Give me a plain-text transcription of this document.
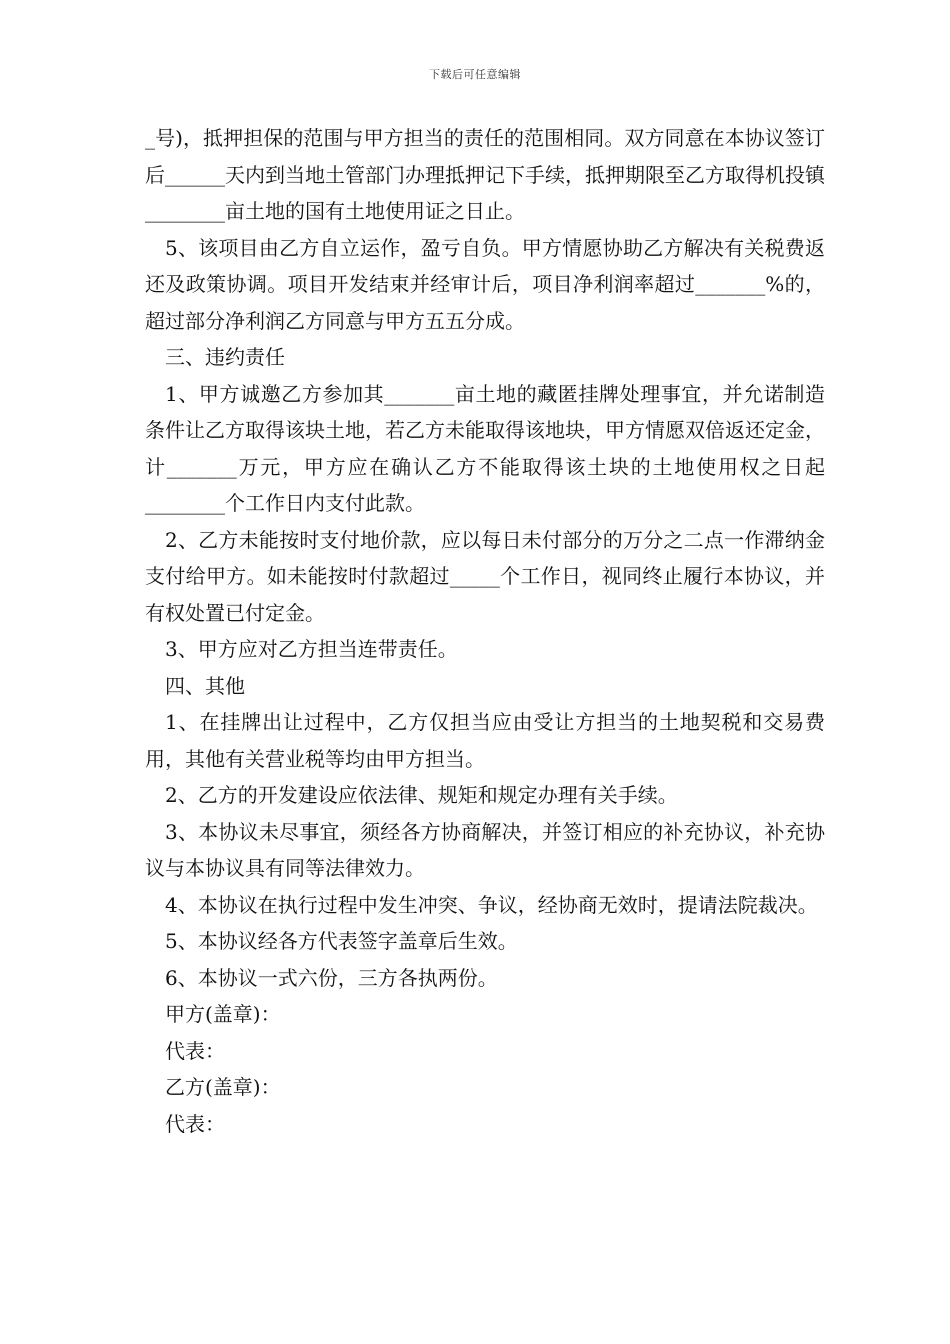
下载后可任意编辑

_号)，抵押担保的范围与甲方担当的责任的范围相同。双方同意在本协议签订后______天内到当地土管部门办理抵押记下手续，抵押期限至乙方取得机投镇________亩土地的国有土地使用证之日止。

5、该项目由乙方自立运作，盈亏自负。甲方情愿协助乙方解决有关税费返还及政策协调。项目开发结束并经审计后，项目净利润率超过_______%的，超过部分净利润乙方同意与甲方五五分成。

三、违约责任

1、甲方诚邀乙方参加其_______亩土地的藏匿挂牌处理事宜，并允诺制造条件让乙方取得该块土地，若乙方未能取得该地块，甲方情愿双倍返还定金，计_______万元，甲方应在确认乙方不能取得该土块的土地使用权之日起________个工作日内支付此款。

2、乙方未能按时支付地价款，应以每日未付部分的万分之二点一作滞纳金支付给甲方。如未能按时付款超过_____个工作日，视同终止履行本协议，并有权处置已付定金。

3、甲方应对乙方担当连带责任。

四、其他

1、在挂牌出让过程中，乙方仅担当应由受让方担当的土地契税和交易费用，其他有关营业税等均由甲方担当。

2、乙方的开发建设应依法律、规矩和规定办理有关手续。

3、本协议未尽事宜，须经各方协商解决，并签订相应的补充协议，补充协议与本协议具有同等法律效力。

4、本协议在执行过程中发生冲突、争议，经协商无效时，提请法院裁决。

5、本协议经各方代表签字盖章后生效。

6、本协议一式六份，三方各执两份。

甲方(盖章)：

代表：

乙方(盖章)：

代表：
